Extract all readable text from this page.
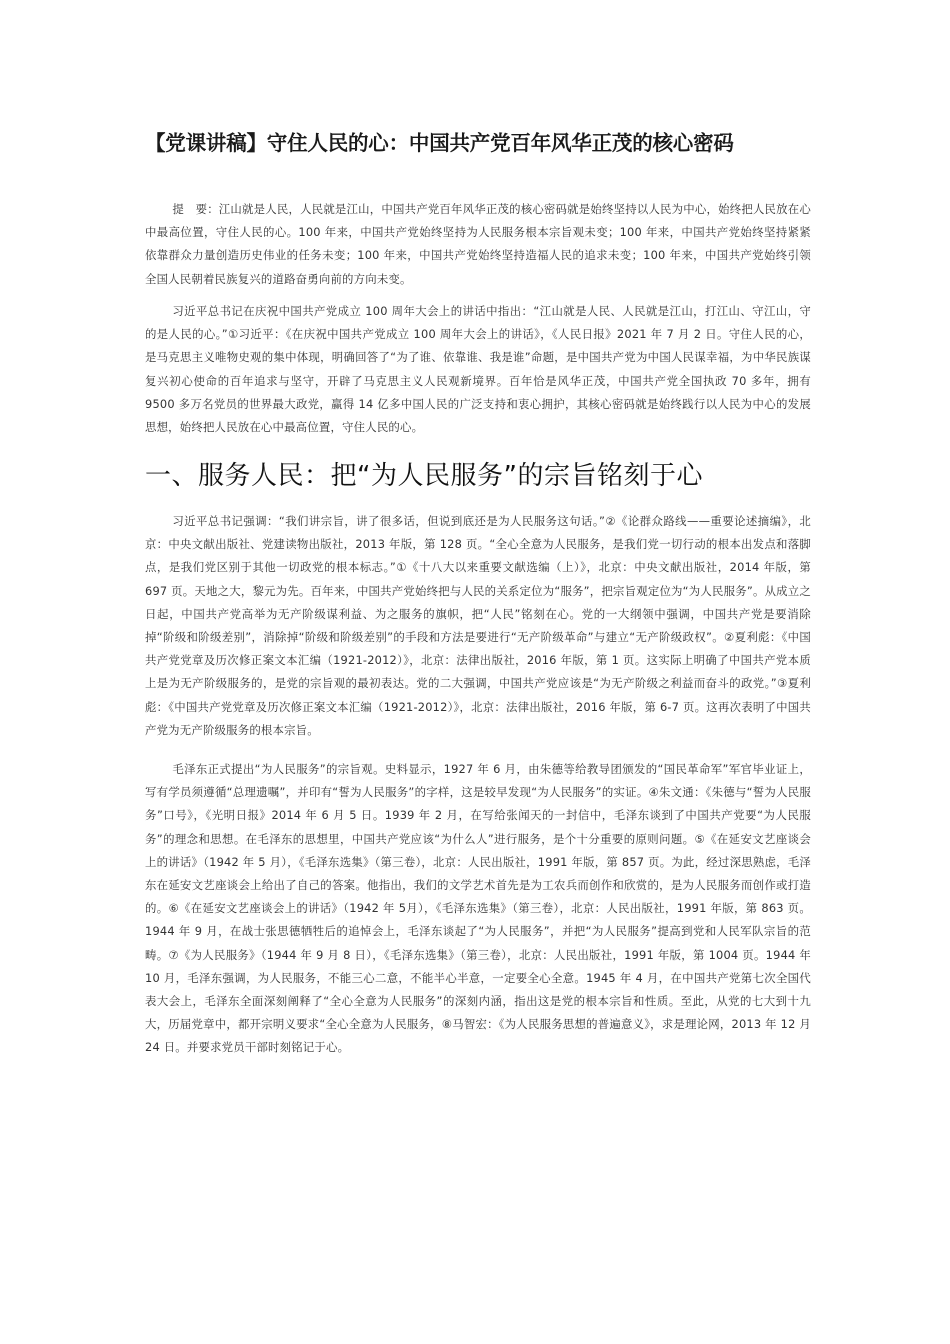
【党课讲稿】守住人民的心：中国共产党百年风华正茂的核心密码

提　要：江山就是人民，人民就是江山，中国共产党百年风华正茂的核心密码就是始终坚持以人民为中心，始终把人民放在心中最高位置，守住人民的心。100 年来，中国共产党始终坚持为人民服务根本宗旨观未变；100 年来，中国共产党始终坚持紧紧依靠群众力量创造历史伟业的任务未变；100 年来，中国共产党始终坚持造福人民的追求未变；100 年来，中国共产党始终引领全国人民朝着民族复兴的道路奋勇向前的方向未变。

习近平总书记在庆祝中国共产党成立 100 周年大会上的讲话中指出：“江山就是人民、人民就是江山，打江山、守江山，守的是人民的心。”①习近平：《在庆祝中国共产党成立 100 周年大会上的讲话》，《人民日报》2021 年 7 月 2 日。守住人民的心，是马克思主义唯物史观的集中体现，明确回答了“为了谁、依靠谁、我是谁”命题，是中国共产党为中国人民谋幸福，为中华民族谋复兴初心使命的百年追求与坚守，开辟了马克思主义人民观新境界。百年恰是风华正茂，中国共产党全国执政 70 多年，拥有 9500 多万名党员的世界最大政党，赢得 14 亿多中国人民的广泛支持和衷心拥护，其核心密码就是始终践行以人民为中心的发展思想，始终把人民放在心中最高位置，守住人民的心。

一、服务人民：把“为人民服务”的宗旨铭刻于心

习近平总书记强调：“我们讲宗旨，讲了很多话，但说到底还是为人民服务这句话。”②《论群众路线——重要论述摘编》，北京：中央文献出版社、党建读物出版社，2013 年版，第 128 页。“全心全意为人民服务，是我们党一切行动的根本出发点和落脚点，是我们党区别于其他一切政党的根本标志。”①《十八大以来重要文献选编（上）》，北京：中央文献出版社，2014 年版，第 697 页。天地之大，黎元为先。百年来，中国共产党始终把与人民的关系定位为“服务”，把宗旨观定位为“为人民服务”。从成立之日起，中国共产党高举为无产阶级谋利益、为之服务的旗帜，把“人民”铭刻在心。党的一大纲领中强调，中国共产党是要消除掉“阶级和阶级差别”，消除掉“阶级和阶级差别”的手段和方法是要进行“无产阶级革命”与建立“无产阶级政权”。②夏利彪：《中国共产党党章及历次修正案文本汇编（1921-2012）》，北京：法律出版社，2016 年版，第 1 页。这实际上明确了中国共产党本质上是为无产阶级服务的，是党的宗旨观的最初表达。党的二大强调，中国共产党应该是“为无产阶级之利益而奋斗的政党。”③夏利彪：《中国共产党党章及历次修正案文本汇编（1921-2012）》，北京：法律出版社，2016 年版，第 6-7 页。这再次表明了中国共产党为无产阶级服务的根本宗旨。

毛泽东正式提出“为人民服务”的宗旨观。史料显示，1927 年 6 月，由朱德等给教导团颁发的“国民革命军”军官毕业证上，写有学员须遵循“总理遗嘱”，并印有“誓为人民服务”的字样，这是较早发现“为人民服务”的实证。④朱文通：《朱德与“誓为人民服务”口号》，《光明日报》2014 年 6 月 5 日。1939 年 2 月，在写给张闻天的一封信中，毛泽东谈到了中国共产党要“为人民服务”的理念和思想。在毛泽东的思想里，中国共产党应该“为什么人”进行服务，是个十分重要的原则问题。⑤《在延安文艺座谈会上的讲话》（1942 年 5 月），《毛泽东选集》（第三卷），北京：人民出版社，1991 年版，第 857 页。为此，经过深思熟虑，毛泽东在延安文艺座谈会上给出了自己的答案。他指出，我们的文学艺术首先是为工农兵而创作和欣赏的，是为人民服务而创作或打造的。⑥《在延安文艺座谈会上的讲话》（1942 年 5月），《毛泽东选集》（第三卷），北京：人民出版社，1991 年版，第 863 页。1944 年 9 月，在战士张思德牺牲后的追悼会上，毛泽东谈起了“为人民服务”，并把“为人民服务”提高到党和人民军队宗旨的范畴。⑦《为人民服务》（1944 年 9 月 8 日），《毛泽东选集》（第三卷），北京：人民出版社，1991 年版，第 1004 页。1944 年 10 月，毛泽东强调，为人民服务，不能三心二意，不能半心半意，一定要全心全意。1945 年 4 月，在中国共产党第七次全国代表大会上，毛泽东全面深刻阐释了“全心全意为人民服务”的深刻内涵，指出这是党的根本宗旨和性质。至此，从党的七大到十九大，历届党章中，都开宗明义要求“全心全意为人民服务，⑧马智宏：《为人民服务思想的普遍意义》，求是理论网，2013 年 12 月 24 日。并要求党员干部时刻铭记于心。
